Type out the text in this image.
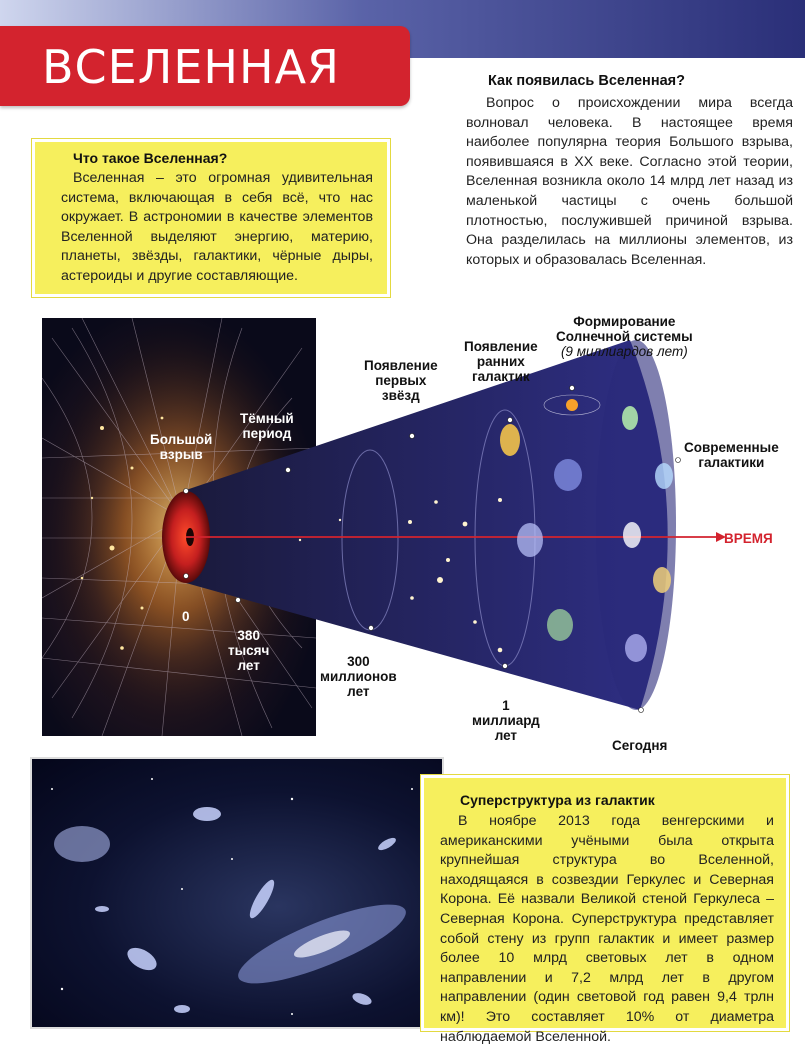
ВСЕЛЕННАЯ	Как появилась Вселенная?
Вопрос о происхождении мира всегда волновал человека. В настоящее время наиболее популярна теория Большого взрыва, появившаяся в XX веке. Согласно этой теории, Вселенная возникла около 14 млрд лет назад из маленькой частицы с очень большой плотностью, послужившей причиной взрыва. Она разделилась на миллионы элементов, из которых и образовалась Вселенная.
Что такое Вселенная?
Вселенная – это огромная удивительная система, включающая в себя всё, что нас окружает. В астрономии в качестве элементов Вселенной выделяют энергию, материю, планеты, звёзды, галактики, чёрные дыры, астероиды и другие составляющие.
Большой
взрыв
Тёмный
период
0
380
тысяч
лет
Появление
первых
звёзд
Появление
ранних
галактик
Формирование
Солнечной системы
(9 миллиардов лет)
Современные
галактики
ВРЕМЯ
300
миллионов
лет
1
миллиард
лет
Сегодня
Суперструктура из галактик
В ноябре 2013 года венгерскими и американскими учёными была открыта крупнейшая структура во Вселенной, находящаяся в созвездии Геркулес и Северная Корона. Её назвали Великой стеной Геркулеса – Северная Корона. Суперструктура представляет собой стену из групп галактик и имеет размер более 10 млрд световых лет в одном направлении и 7,2 млрд лет в другом направлении (один световой год равен 9,4 трлн км)! Это составляет 10% от диаметра наблюдаемой Вселенной.
